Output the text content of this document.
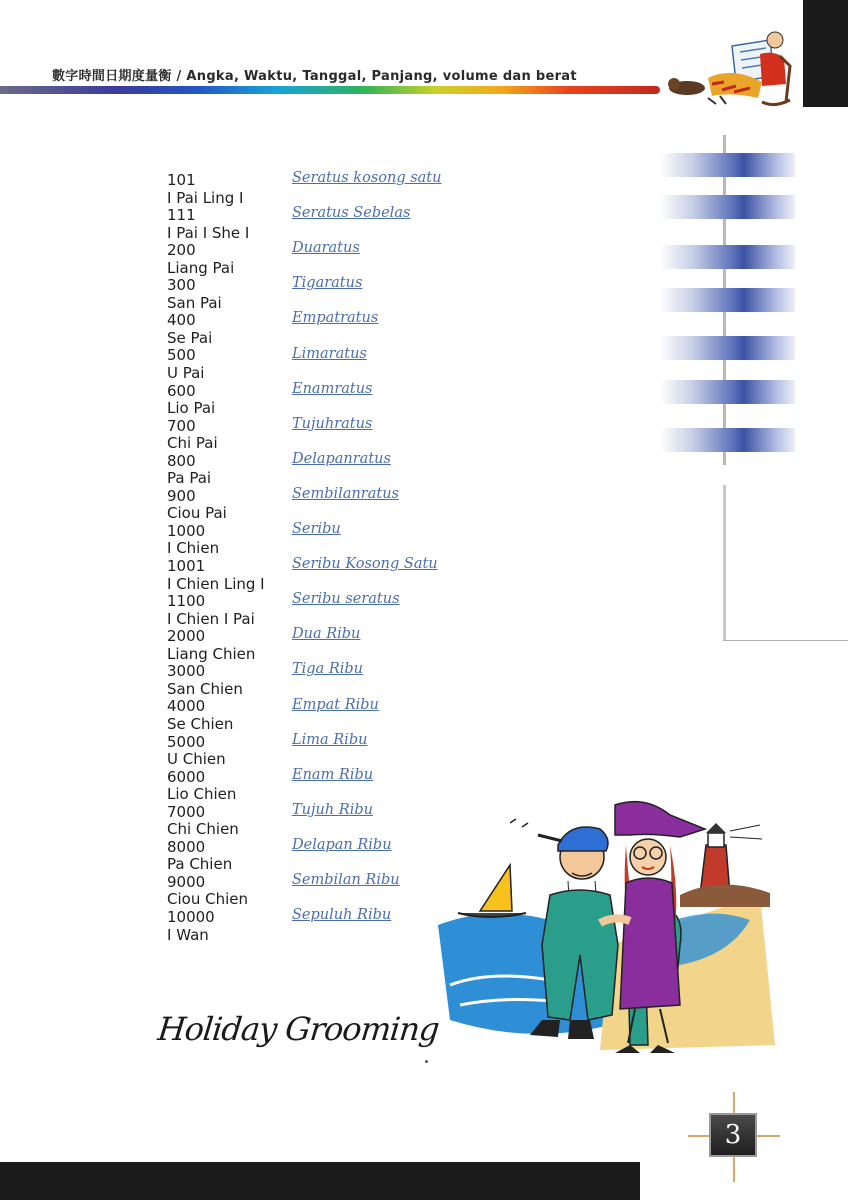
數字時間日期度量衡 / Angka, Waktu, Tanggal, Panjang, volume dan berat
101
I Pai Ling I
111
I Pai I She I
200
Liang Pai
300
San Pai
400
Se Pai
500
U Pai
600
Lio Pai
700
Chi Pai
800
Pa Pai
900
Ciou Pai
1000
I Chien
1001
I Chien Ling I
1100
I Chien I Pai
2000
Liang Chien
3000
San Chien
4000
Se Chien
5000
U Chien
6000
Lio Chien
7000
Chi Chien
8000
Pa Chien
9000
Ciou Chien
10000
I Wan
Seratus kosong satu
Seratus Sebelas
Duaratus
Tigaratus
Empatratus
Limaratus
Enamratus
Tujuhratus
Delapanratus
Sembilanratus
Seribu
Seribu Kosong Satu
Seribu seratus
Dua Ribu
Tiga Ribu
Empat Ribu
Lima Ribu
Enam Ribu
Tujuh Ribu
Delapan Ribu
Sembilan Ribu
Sepuluh Ribu
Holiday Grooming
3
